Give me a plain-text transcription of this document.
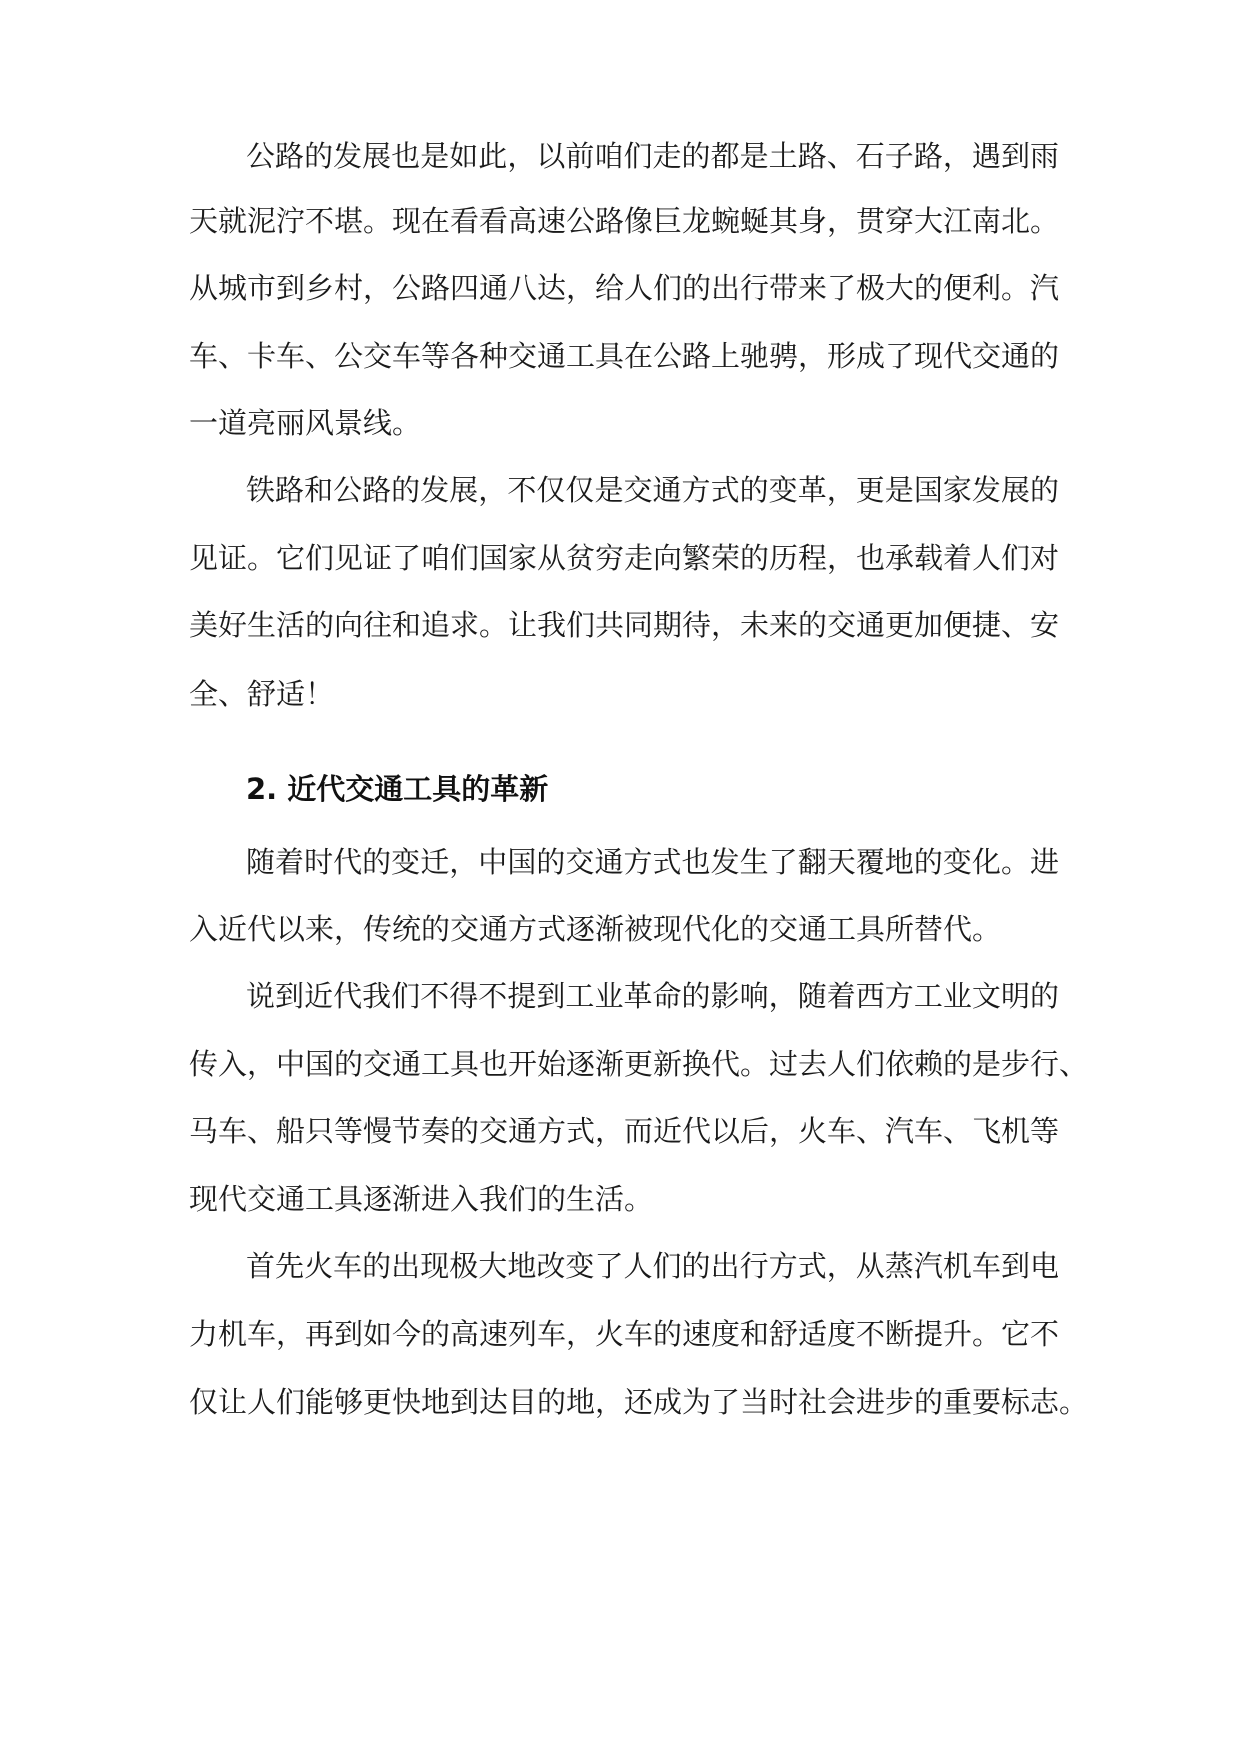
公路的发展也是如此，以前咱们走的都是土路、石子路，遇到雨
天就泥泞不堪。现在看看高速公路像巨龙蜿蜒其身，贯穿大江南北。
从城市到乡村，公路四通八达，给人们的出行带来了极大的便利。汽
车、卡车、公交车等各种交通工具在公路上驰骋，形成了现代交通的
一道亮丽风景线。
铁路和公路的发展，不仅仅是交通方式的变革，更是国家发展的
见证。它们见证了咱们国家从贫穷走向繁荣的历程，也承载着人们对
美好生活的向往和追求。让我们共同期待，未来的交通更加便捷、安
全、舒适！
2. 近代交通工具的革新
随着时代的变迁，中国的交通方式也发生了翻天覆地的变化。进
入近代以来，传统的交通方式逐渐被现代化的交通工具所替代。
说到近代我们不得不提到工业革命的影响，随着西方工业文明的
传入，中国的交通工具也开始逐渐更新换代。过去人们依赖的是步行、
马车、船只等慢节奏的交通方式，而近代以后，火车、汽车、飞机等
现代交通工具逐渐进入我们的生活。
首先火车的出现极大地改变了人们的出行方式，从蒸汽机车到电
力机车，再到如今的高速列车，火车的速度和舒适度不断提升。它不
仅让人们能够更快地到达目的地，还成为了当时社会进步的重要标志。
